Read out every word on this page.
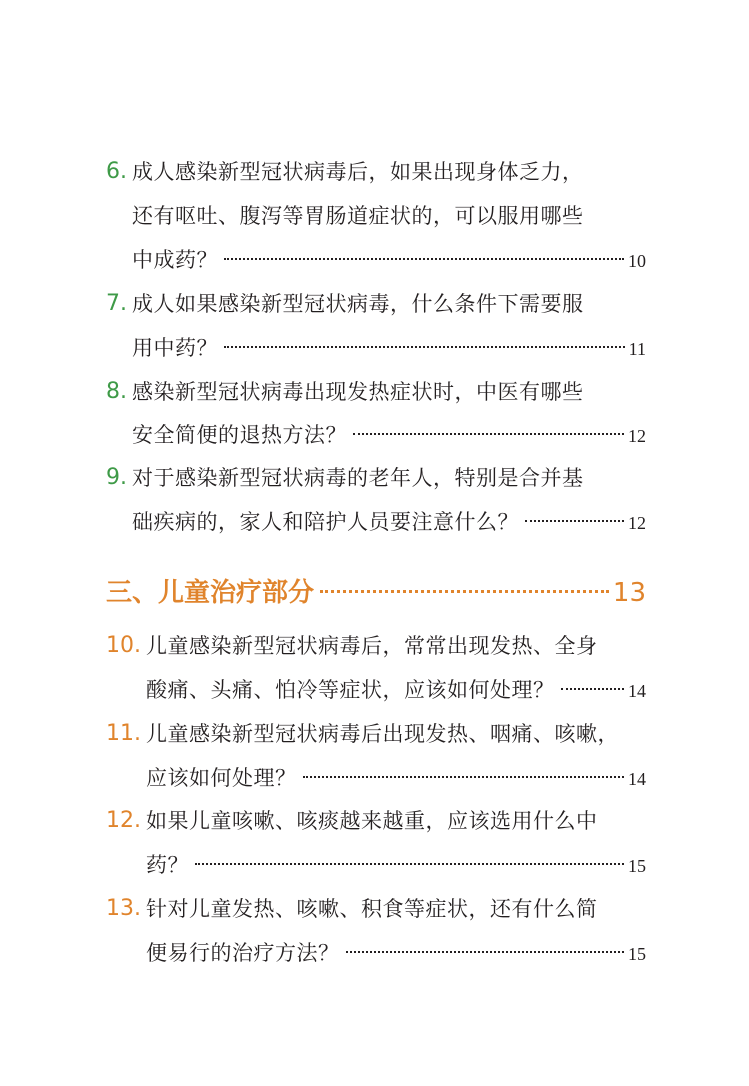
6. 成人感染新型冠状病毒后，如果出现身体乏力，
还有呕吐、腹泻等胃肠道症状的，可以服用哪些
中成药？	10
7. 成人如果感染新型冠状病毒，什么条件下需要服
用中药？	11
8. 感染新型冠状病毒出现发热症状时，中医有哪些
安全简便的退热方法？	12
9. 对于感染新型冠状病毒的老年人，特别是合并基
础疾病的，家人和陪护人员要注意什么？	12
三、儿童治疗部分	13
10. 儿童感染新型冠状病毒后，常常出现发热、全身
酸痛、头痛、怕冷等症状，应该如何处理？	14
11. 儿童感染新型冠状病毒后出现发热、咽痛、咳嗽，
应该如何处理？	14
12. 如果儿童咳嗽、咳痰越来越重，应该选用什么中
药？	15
13. 针对儿童发热、咳嗽、积食等症状，还有什么简
便易行的治疗方法？	15
